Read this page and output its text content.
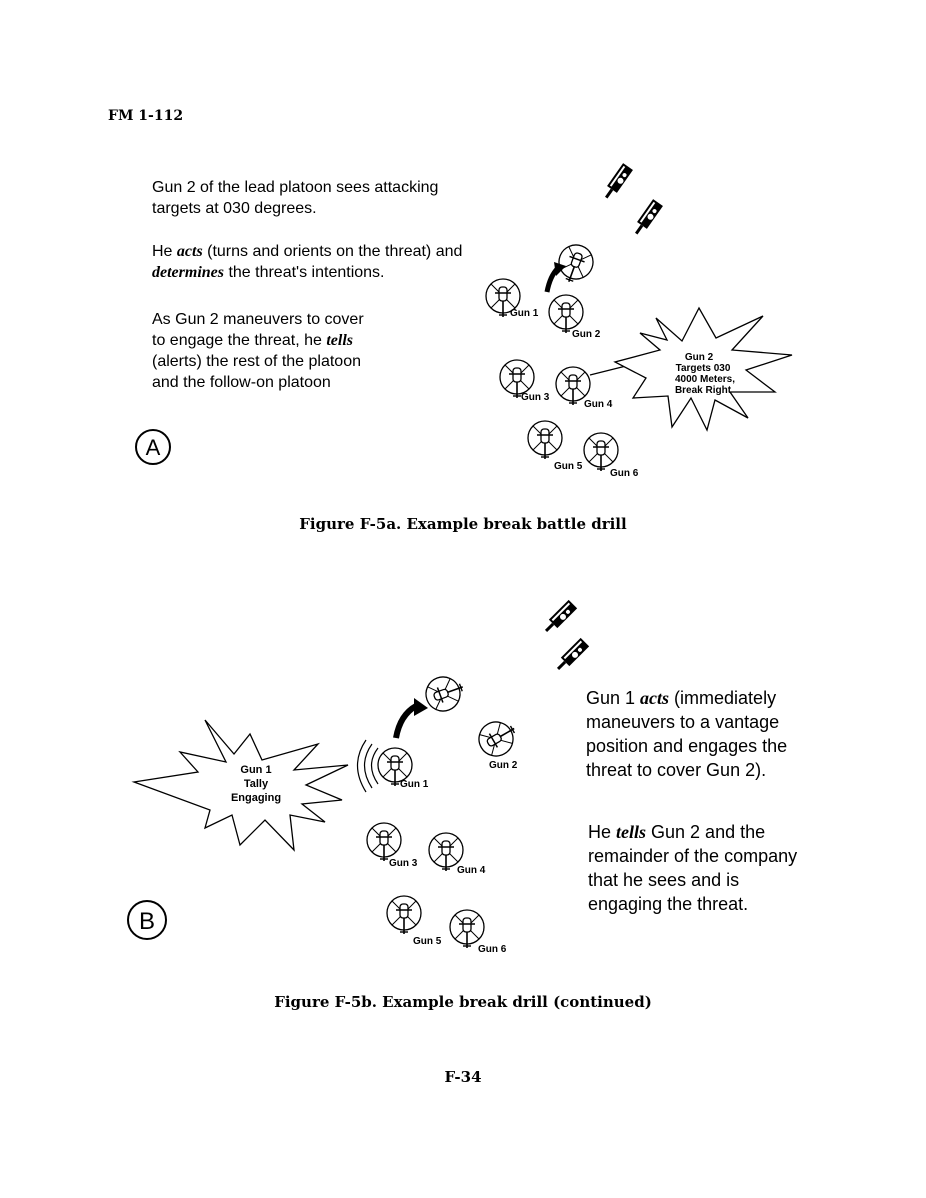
FM 1-112
Gun 2 of the lead platoon sees attacking targets at 030 degrees.
He acts (turns and orients on the threat) and determines the threat's intentions.
As Gun 2 maneuvers to cover to engage the threat, he tells (alerts) the rest of the platoon and the follow-on platoon
Gun 1 acts (immediately maneuvers to a vantage position and engages the threat to cover Gun 2).
He tells Gun 2 and the remainder of the company that he sees and is engaging the threat.
Figure F-5a. Example break battle drill
Figure F-5b. Example break drill (continued)
F-34
A
Gun 1
Gun 2
Gun 3
Gun 4
Gun 5
Gun 6
Gun 2
Targets 030
4000 Meters,
Break Right
B
Gun 1
Gun 2
Gun 3
Gun 4
Gun 5
Gun 6
Gun 1
Tally
Engaging
